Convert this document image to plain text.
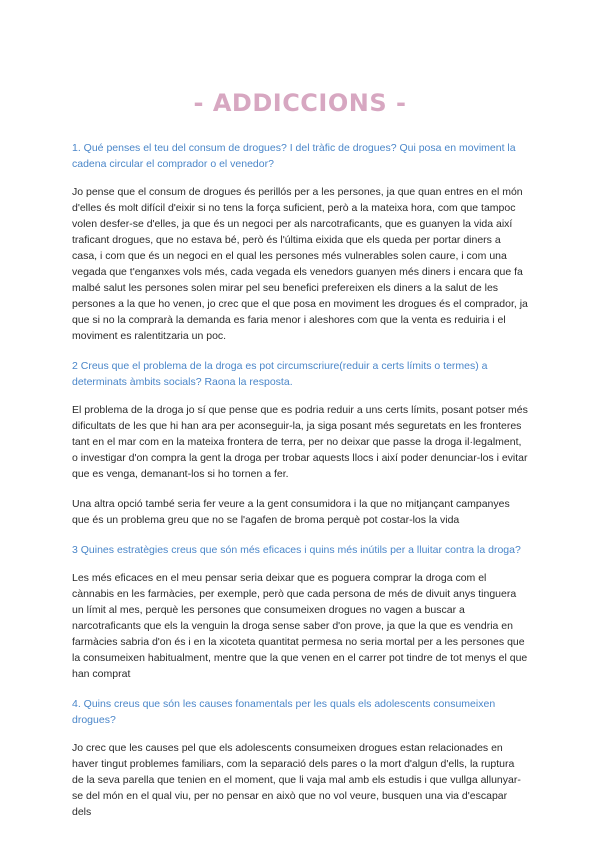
- ADDICCIONS -

1. Qué penses el teu del consum de drogues? I del tràfic de drogues? Qui posa en moviment la cadena circular el comprador o el venedor?

Jo pense que el consum de drogues és perillós per a les persones, ja que quan entres en el món d'elles és molt difícil d'eixir si no tens la força suficient, però a la mateixa hora, com que tampoc volen desfer-se d'elles, ja que és un negoci per als narcotraficants, que es guanyen la vida així traficant drogues, que no estava bé, però és l'última eixida que els queda per portar diners a casa, i com que és un negoci en el qual les persones més vulnerables solen caure, i com una vegada que t'enganxes vols més, cada vegada els venedors guanyen més diners i encara que fa malbé salut les persones solen mirar pel seu benefici prefereixen els diners a la salut de les persones a la que ho venen, jo crec que el que posa en moviment les drogues és el comprador, ja que si no la comprarà la demanda es faria menor i aleshores com que la venta es reduiria i el moviment es ralentitzaria un poc.

2 Creus que el problema de la droga es pot circumscriure(reduir a certs límits o termes) a determinats àmbits socials? Raona la resposta.

El problema de la droga jo sí que pense que es podria reduir a uns certs límits, posant potser més dificultats de les que hi han ara per aconseguir-la, ja siga posant més seguretats en les fronteres tant en el mar com en la mateixa frontera de terra, per no deixar que passe la droga il·legalment, o investigar d'on compra la gent la droga per trobar aquests llocs i així poder denunciar-los i evitar que es venga, demanant-los si ho tornen a fer.

Una altra opció també seria fer veure a la gent consumidora i la que no mitjançant campanyes que és un problema greu que no se l'agafen de broma perquè pot costar-los la vida

3 Quines estratègies creus que són més eficaces i quins més inútils per a lluitar contra la droga?

Les més eficaces en el meu pensar seria deixar que es poguera comprar la droga com el cànnabis en les farmàcies, per exemple, però que cada persona de més de divuit anys tinguera un límit al mes, perquè les persones que consumeixen drogues no vagen a buscar a narcotraficants que els la venguin la droga sense saber d'on prove, ja que la que es vendria en farmàcies sabria d'on és i en la xicoteta quantitat permesa no seria mortal per a les persones que la consumeixen habitualment, mentre que la que venen en el carrer pot tindre de tot menys el que han comprat

4. Quins creus que són les causes fonamentals per les quals els adolescents consumeixen drogues?

Jo crec que les causes pel que els adolescents consumeixen drogues estan relacionades en haver tingut problemes familiars, com la separació dels pares o la mort d'algun d'ells, la ruptura de la seva parella que tenien en el moment, que li vaja mal amb els estudis i que vullga allunyar-se del món en el qual viu, per no pensar en això que no vol veure, busquen una via d'escapar dels
